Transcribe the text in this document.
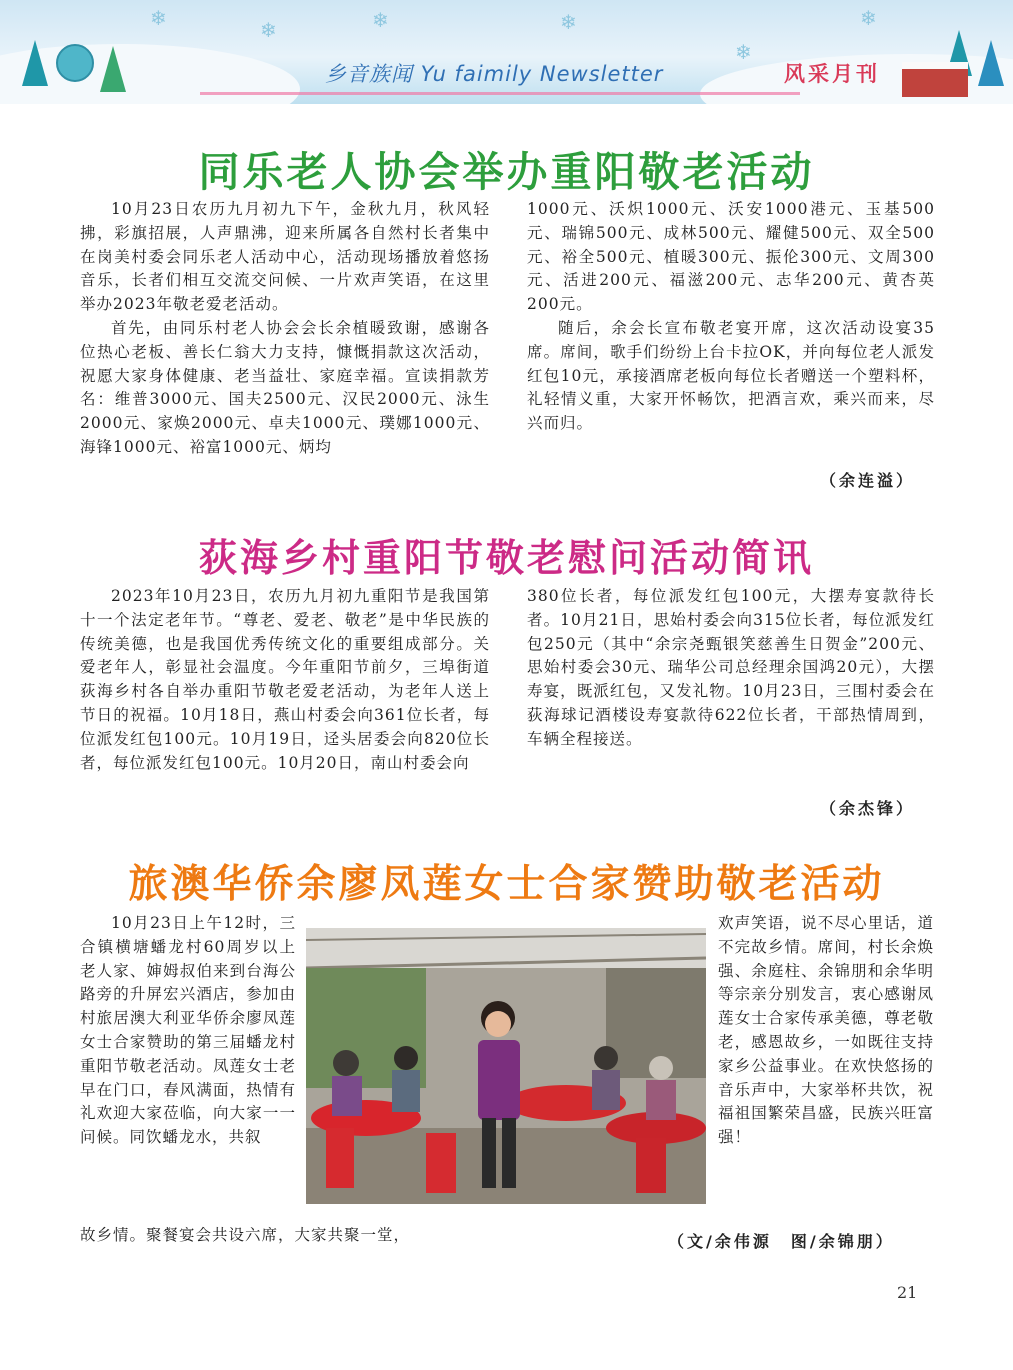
❄	❄	❄	❄
❄
❄
乡音族闻 Yu faimily Newsletter	风采月刊
同乐老人协会举办重阳敬老活动

10月23日农历九月初九下午，金秋九月，秋风轻拂，彩旗招展，人声鼎沸，迎来所属各自然村长者集中在岗美村委会同乐老人活动中心，活动现场播放着悠扬音乐，长者们相互交流交问候、一片欢声笑语，在这里举办2023年敬老爱老活动。

首先，由同乐村老人协会会长余植暖致谢，感谢各位热心老板、善长仁翁大力支持，慷慨捐款这次活动，祝愿大家身体健康、老当益壮、家庭幸福。宣读捐款芳名：维普3000元、国夫2500元、汉民2000元、泳生2000元、家焕2000元、卓夫1000元、璞娜1000元、海锋1000元、裕富1000元、炳均

1000元、沃炽1000元、沃安1000港元、玉基500元、瑞锦500元、成林500元、耀健500元、双全500元、裕全500元、植暖300元、振伦300元、文周300元、活进200元、福滋200元、志华200元、黄杏英200元。

随后，余会长宣布敬老宴开席，这次活动设宴35席。席间，歌手们纷纷上台卡拉OK，并向每位老人派发红包10元，承接酒席老板向每位长者赠送一个塑料杯，礼轻情义重，大家开怀畅饮，把酒言欢，乘兴而来，尽兴而归。

（余连溢）
荻海乡村重阳节敬老慰问活动简讯

2023年10月23日，农历九月初九重阳节是我国第十一个法定老年节。“尊老、爱老、敬老”是中华民族的传统美德，也是我国优秀传统文化的重要组成部分。关爱老年人，彰显社会温度。今年重阳节前夕，三埠街道荻海乡村各自举办重阳节敬老爱老活动，为老年人送上节日的祝福。10月18日，燕山村委会向361位长者，每位派发红包100元。10月19日，迳头居委会向820位长者，每位派发红包100元。10月20日，南山村委会向

380位长者，每位派发红包100元，大摆寿宴款待长者。10月21日，思始村委会向315位长者，每位派发红包250元（其中“余宗尧甄银笑慈善生日贺金”200元、思始村委会30元、瑞华公司总经理余国鸿20元），大摆寿宴，既派红包，又发礼物。10月23日，三围村委会在荻海球记酒楼设寿宴款待622位长者，干部热情周到，车辆全程接送。

（余杰锋）
旅澳华侨余廖凤莲女士合家赞助敬老活动

10月23日上午12时，三合镇横塘蟠龙村60周岁以上老人家、婶姆叔伯来到台海公路旁的升屏宏兴酒店，参加由村旅居澳大利亚华侨余廖凤莲女士合家赞助的第三届蟠龙村重阳节敬老活动。凤莲女士老早在门口，春风满面，热情有礼欢迎大家莅临，向大家一一问候。同饮蟠龙水，共叙

故乡情。聚餐宴会共设六席，大家共聚一堂，

欢声笑语，说不尽心里话，道不完故乡情。席间，村长余焕强、余庭柱、余锦朋和余华明等宗亲分别发言，衷心感谢凤莲女士合家传承美德，尊老敬老，感恩故乡，一如既往支持家乡公益事业。在欢快悠扬的音乐声中，大家举杯共饮，祝福祖国繁荣昌盛，民族兴旺富强！

（文/余伟源　图/余锦朋）
21
